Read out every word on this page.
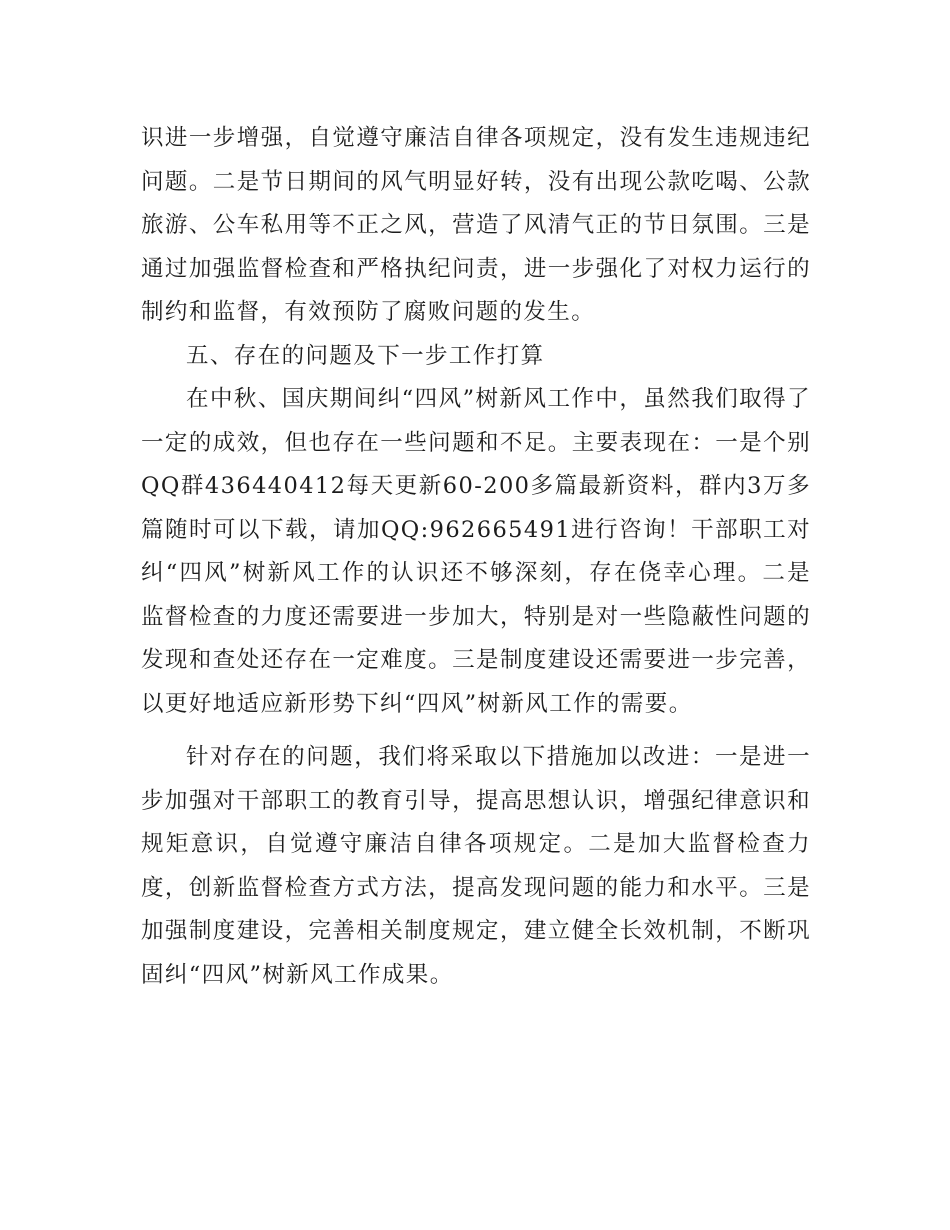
识进一步增强，自觉遵守廉洁自律各项规定，没有发生违规违纪问题。二是节日期间的风气明显好转，没有出现公款吃喝、公款旅游、公车私用等不正之风，营造了风清气正的节日氛围。三是通过加强监督检查和严格执纪问责，进一步强化了对权力运行的制约和监督，有效预防了腐败问题的发生。

五、存在的问题及下一步工作打算

在中秋、国庆期间纠“四风”树新风工作中，虽然我们取得了一定的成效，但也存在一些问题和不足。主要表现在：一是个别QQ群436440412每天更新60-200多篇最新资料，群内3万多篇随时可以下载，请加QQ:962665491进行咨询！干部职工对纠“四风”树新风工作的认识还不够深刻，存在侥幸心理。二是监督检查的力度还需要进一步加大，特别是对一些隐蔽性问题的发现和查处还存在一定难度。三是制度建设还需要进一步完善，以更好地适应新形势下纠“四风”树新风工作的需要。

针对存在的问题，我们将采取以下措施加以改进：一是进一步加强对干部职工的教育引导，提高思想认识，增强纪律意识和规矩意识，自觉遵守廉洁自律各项规定。二是加大监督检查力度，创新监督检查方式方法，提高发现问题的能力和水平。三是加强制度建设，完善相关制度规定，建立健全长效机制，不断巩固纠“四风”树新风工作成果。
